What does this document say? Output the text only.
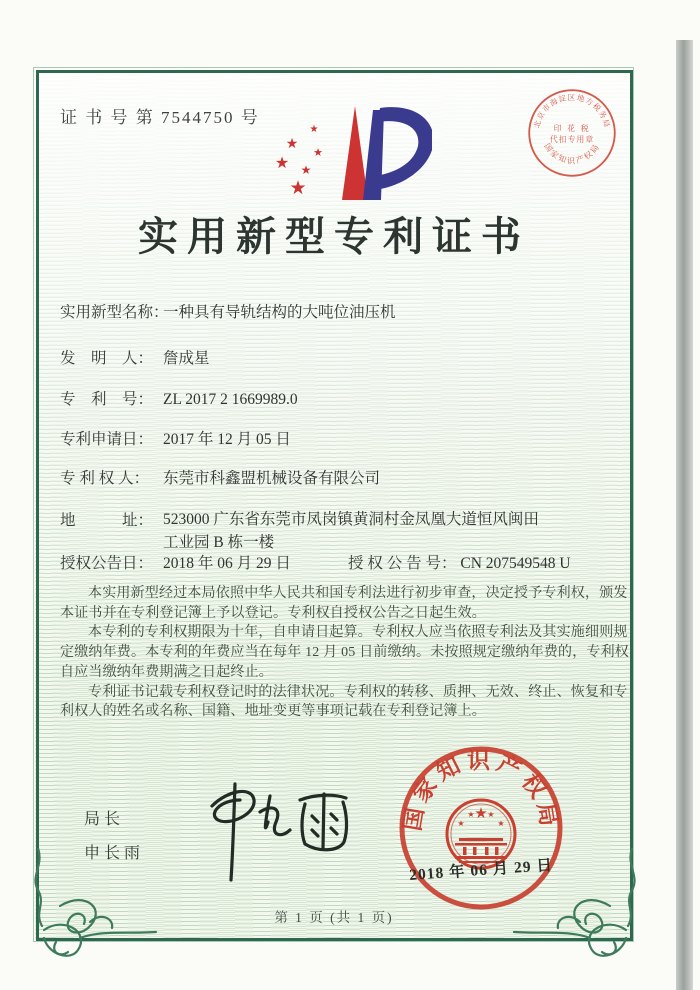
证 书 号 第 7544750 号
★
★
★
★ ★
★
实用新型专利证书
实用新型名称：一种具有导轨结构的大吨位油压机
发　明　人： 詹成星
专　利　号： ZL 2017 2 1669989.0
专利申请日： 2017 年 12 月 05 日
专 利 权 人： 东莞市科鑫盟机械设备有限公司
地　　　址： 523000 广东省东莞市凤岗镇黄洞村金凤凰大道恒风闽田
工业园 B 栋一楼
授权公告日： 2018 年 06 月 29 日	授 权 公 告 号： CN 207549548 U

本实用新型经过本局依照中华人民共和国专利法进行初步审查，决定授予专利权，颁发本证书并在专利登记簿上予以登记。专利权自授权公告之日起生效。

本专利的专利权期限为十年，自申请日起算。专利权人应当依照专利法及其实施细则规定缴纳年费。本专利的年费应当在每年 12 月 05 日前缴纳。未按照规定缴纳年费的，专利权自应当缴纳年费期满之日起终止。

专利证书记载专利权登记时的法律状况。专利权的转移、质押、无效、终止、恢复和专利权人的姓名或名称、国籍、地址变更等事项记载在专利登记簿上。

局长
申长雨
国家知识产权局
★
★
★ ★
★
2018 年 06 月 29 日
北京市海淀区地方税务局
国家知识产权局
印 花 税
代扣专用章
第 1 页 (共 1 页)
